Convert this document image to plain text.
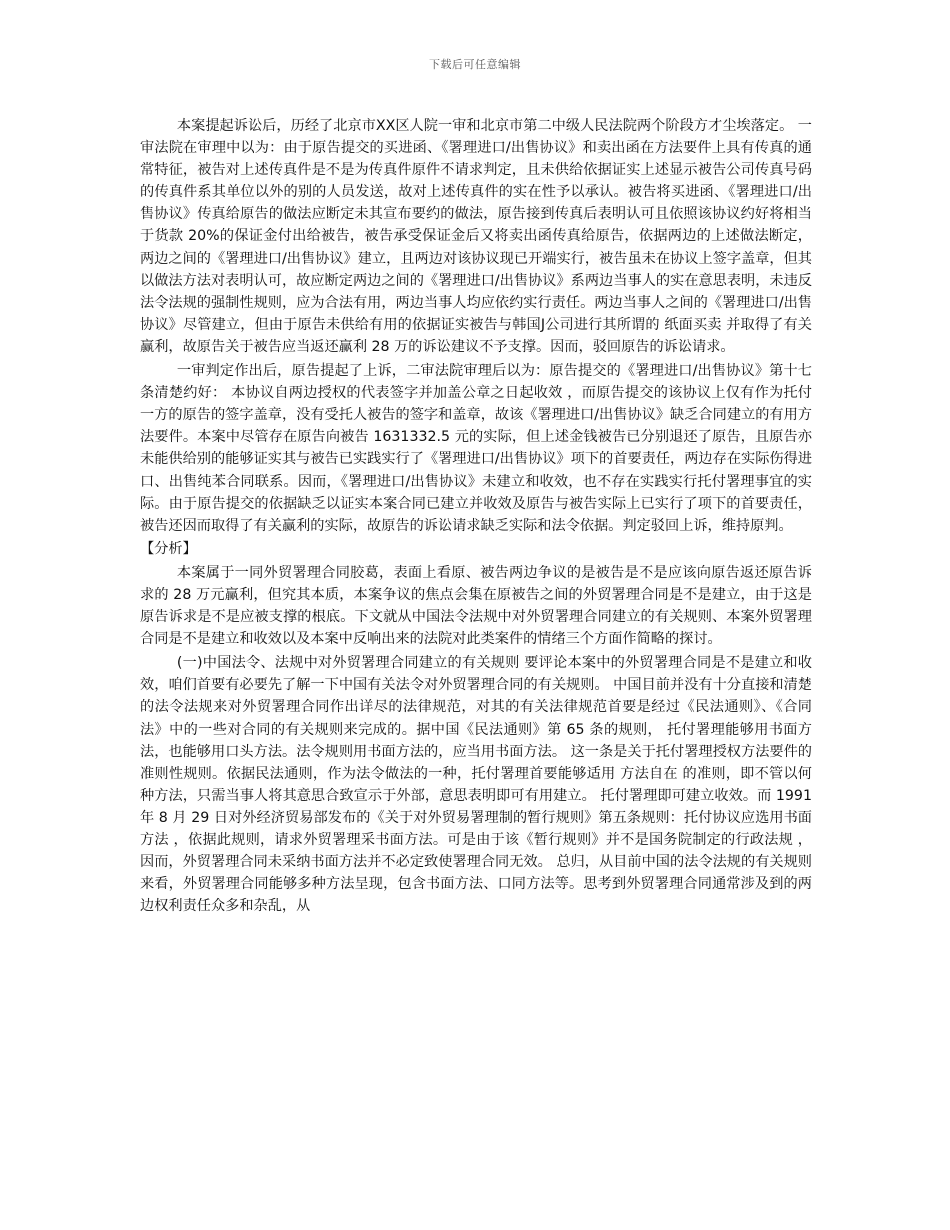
下载后可任意编辑

本案提起诉讼后，历经了北京市XX区人院一审和北京市第二中级人民法院两个阶段方才尘埃落定。 一审法院在审理中以为：由于原告提交的买进函、《署理进口/出售协议》和卖出函在方法要件上具有传真的通常特征，被告对上述传真件是不是为传真件原件不请求判定，且未供给依据证实上述显示被告公司传真号码的传真件系其单位以外的别的人员发送，故对上述传真件的实在性予以承认。被告将买进函、《署理进口/出售协议》传真给原告的做法应断定未其宣布要约的做法，原告接到传真后表明认可且依照该协议约好将相当于货款 20%的保证金付出给被告，被告承受保证金后又将卖出函传真给原告，依据两边的上述做法断定，两边之间的《署理进口/出售协议》建立，且两边对该协议现已开端实行，被告虽未在协议上签字盖章，但其以做法方法对表明认可，故应断定两边之间的《署理进口/出售协议》系两边当事人的实在意思表明，未违反法令法规的强制性规则，应为合法有用，两边当事人均应依约实行责任。两边当事人之间的《署理进口/出售协议》尽管建立，但由于原告未供给有用的依据证实被告与韩国J公司进行其所谓的 纸面买卖 并取得了有关赢利，故原告关于被告应当返还赢利 28 万的诉讼建议不予支撑。因而，驳回原告的诉讼请求。

一审判定作出后，原告提起了上诉，二审法院审理后以为：原告提交的《署理进口/出售协议》第十七条清楚约好： 本协议自两边授权的代表签字并加盖公章之日起收效 ，而原告提交的该协议上仅有作为托付一方的原告的签字盖章，没有受托人被告的签字和盖章，故该《署理进口/出售协议》缺乏合同建立的有用方法要件。本案中尽管存在原告向被告 1631332.5 元的实际，但上述金钱被告已分别退还了原告，且原告亦未能供给别的能够证实其与被告已实践实行了《署理进口/出售协议》项下的首要责任，两边存在实际伤得进口、出售纯苯合同联系。因而，《署理进口/出售协议》未建立和收效，也不存在实践实行托付署理事宜的实际。由于原告提交的依据缺乏以证实本案合同已建立并收效及原告与被告实际上已实行了项下的首要责任，被告还因而取得了有关赢利的实际，故原告的诉讼请求缺乏实际和法令依据。判定驳回上诉，维持原判。

【分析】

本案属于一同外贸署理合同胶葛，表面上看原、被告两边争议的是被告是不是应该向原告返还原告诉求的 28 万元赢利，但究其本质，本案争议的焦点会集在原被告之间的外贸署理合同是不是建立，由于这是原告诉求是不是应被支撑的根底。下文就从中国法令法规中对外贸署理合同建立的有关规则、本案外贸署理合同是不是建立和收效以及本案中反响出来的法院对此类案件的情绪三个方面作简略的探讨。

(一)中国法令、法规中对外贸署理合同建立的有关规则 要评论本案中的外贸署理合同是不是建立和收效，咱们首要有必要先了解一下中国有关法令对外贸署理合同的有关规则。 中国目前并没有十分直接和清楚的法令法规来对外贸署理合同作出详尽的法律规范，对其的有关法律规范首要是经过《民法通则》、《合同法》中的一些对合同的有关规则来完成的。据中国《民法通则》第 65 条的规则， 托付署理能够用书面方法，也能够用口头方法。法令规则用书面方法的，应当用书面方法。 这一条是关于托付署理授权方法要件的准则性规则。依据民法通则，作为法令做法的一种，托付署理首要能够适用 方法自在 的准则，即不管以何种方法，只需当事人将其意思合致宣示于外部，意思表明即可有用建立。 托付署理即可建立收效。而 1991 年 8 月 29 日对外经济贸易部发布的《关于对外贸易署理制的暂行规则》第五条规则：托付协议应选用书面方法 ，依据此规则，请求外贸署理采书面方法。可是由于该《暂行规则》并不是国务院制定的行政法规 ，因而，外贸署理合同未采纳书面方法并不必定致使署理合同无效。 总归，从目前中国的法令法规的有关规则来看，外贸署理合同能够多种方法呈现，包含书面方法、口同方法等。思考到外贸署理合同通常涉及到的两边权利责任众多和杂乱，从
